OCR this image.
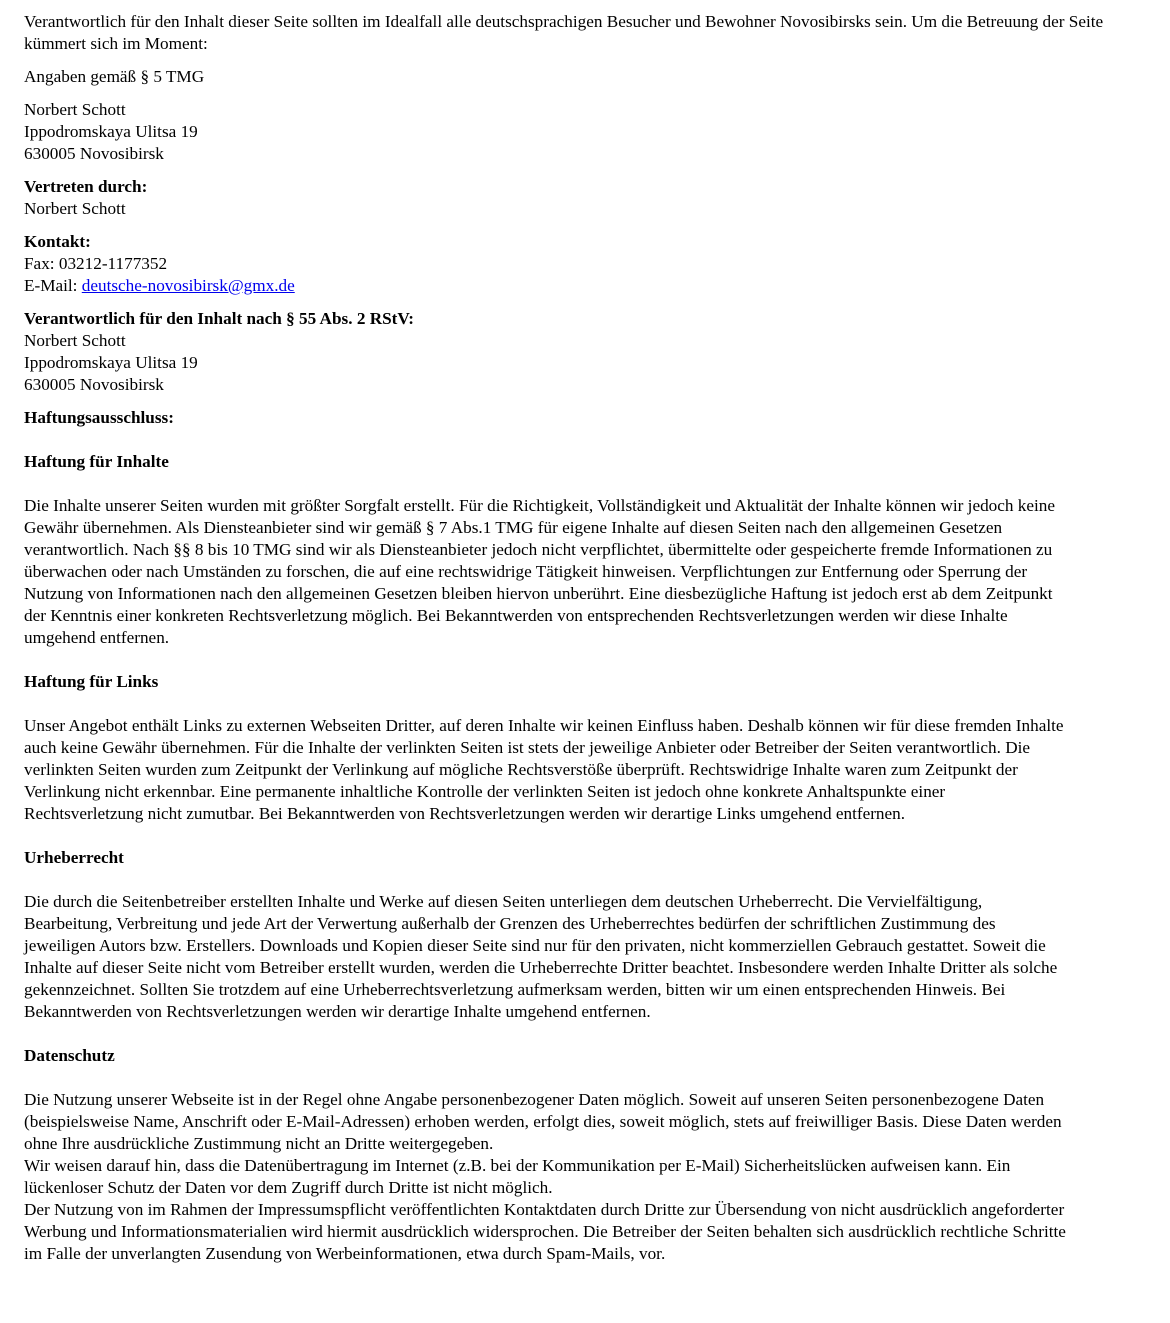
Verantwortlich für den Inhalt dieser Seite sollten im Idealfall alle deutschsprachigen Besucher und Bewohner Novosibirsks sein. Um die Betreuung der Seite kümmert sich im Moment:

Angaben gemäß § 5 TMG

Norbert Schott
Ippodromskaya Ulitsa 19
630005 Novosibirsk
Vertreten durch:
Norbert Schott
Kontakt:
Fax: 03212-1177352
E-Mail: deutsche-novosibirsk@gmx.de
Verantwortlich für den Inhalt nach § 55 Abs. 2 RStV:
Norbert Schott
Ippodromskaya Ulitsa 19
630005 Novosibirsk
Haftungsausschluss:
Haftung für Inhalte
Die Inhalte unserer Seiten wurden mit größter Sorgfalt erstellt. Für die Richtigkeit, Vollständigkeit und Aktualität der Inhalte können wir jedoch keine
Gewähr übernehmen. Als Diensteanbieter sind wir gemäß § 7 Abs.1 TMG für eigene Inhalte auf diesen Seiten nach den allgemeinen Gesetzen
verantwortlich. Nach §§ 8 bis 10 TMG sind wir als Diensteanbieter jedoch nicht verpflichtet, übermittelte oder gespeicherte fremde Informationen zu
überwachen oder nach Umständen zu forschen, die auf eine rechtswidrige Tätigkeit hinweisen. Verpflichtungen zur Entfernung oder Sperrung der
Nutzung von Informationen nach den allgemeinen Gesetzen bleiben hiervon unberührt. Eine diesbezügliche Haftung ist jedoch erst ab dem Zeitpunkt
der Kenntnis einer konkreten Rechtsverletzung möglich. Bei Bekanntwerden von entsprechenden Rechtsverletzungen werden wir diese Inhalte
umgehend entfernen.
Haftung für Links
Unser Angebot enthält Links zu externen Webseiten Dritter, auf deren Inhalte wir keinen Einfluss haben. Deshalb können wir für diese fremden Inhalte
auch keine Gewähr übernehmen. Für die Inhalte der verlinkten Seiten ist stets der jeweilige Anbieter oder Betreiber der Seiten verantwortlich. Die
verlinkten Seiten wurden zum Zeitpunkt der Verlinkung auf mögliche Rechtsverstöße überprüft. Rechtswidrige Inhalte waren zum Zeitpunkt der
Verlinkung nicht erkennbar. Eine permanente inhaltliche Kontrolle der verlinkten Seiten ist jedoch ohne konkrete Anhaltspunkte einer
Rechtsverletzung nicht zumutbar. Bei Bekanntwerden von Rechtsverletzungen werden wir derartige Links umgehend entfernen.
Urheberrecht
Die durch die Seitenbetreiber erstellten Inhalte und Werke auf diesen Seiten unterliegen dem deutschen Urheberrecht. Die Vervielfältigung,
Bearbeitung, Verbreitung und jede Art der Verwertung außerhalb der Grenzen des Urheberrechtes bedürfen der schriftlichen Zustimmung des
jeweiligen Autors bzw. Erstellers. Downloads und Kopien dieser Seite sind nur für den privaten, nicht kommerziellen Gebrauch gestattet. Soweit die
Inhalte auf dieser Seite nicht vom Betreiber erstellt wurden, werden die Urheberrechte Dritter beachtet. Insbesondere werden Inhalte Dritter als solche
gekennzeichnet. Sollten Sie trotzdem auf eine Urheberrechtsverletzung aufmerksam werden, bitten wir um einen entsprechenden Hinweis. Bei
Bekanntwerden von Rechtsverletzungen werden wir derartige Inhalte umgehend entfernen.
Datenschutz
Die Nutzung unserer Webseite ist in der Regel ohne Angabe personenbezogener Daten möglich. Soweit auf unseren Seiten personenbezogene Daten
(beispielsweise Name, Anschrift oder E-Mail-Adressen) erhoben werden, erfolgt dies, soweit möglich, stets auf freiwilliger Basis. Diese Daten werden
ohne Ihre ausdrückliche Zustimmung nicht an Dritte weitergegeben.
Wir weisen darauf hin, dass die Datenübertragung im Internet (z.B. bei der Kommunikation per E-Mail) Sicherheitslücken aufweisen kann. Ein
lückenloser Schutz der Daten vor dem Zugriff durch Dritte ist nicht möglich.
Der Nutzung von im Rahmen der Impressumspflicht veröffentlichten Kontaktdaten durch Dritte zur Übersendung von nicht ausdrücklich angeforderter
Werbung und Informationsmaterialien wird hiermit ausdrücklich widersprochen. Die Betreiber der Seiten behalten sich ausdrücklich rechtliche Schritte
im Falle der unverlangten Zusendung von Werbeinformationen, etwa durch Spam-Mails, vor.
